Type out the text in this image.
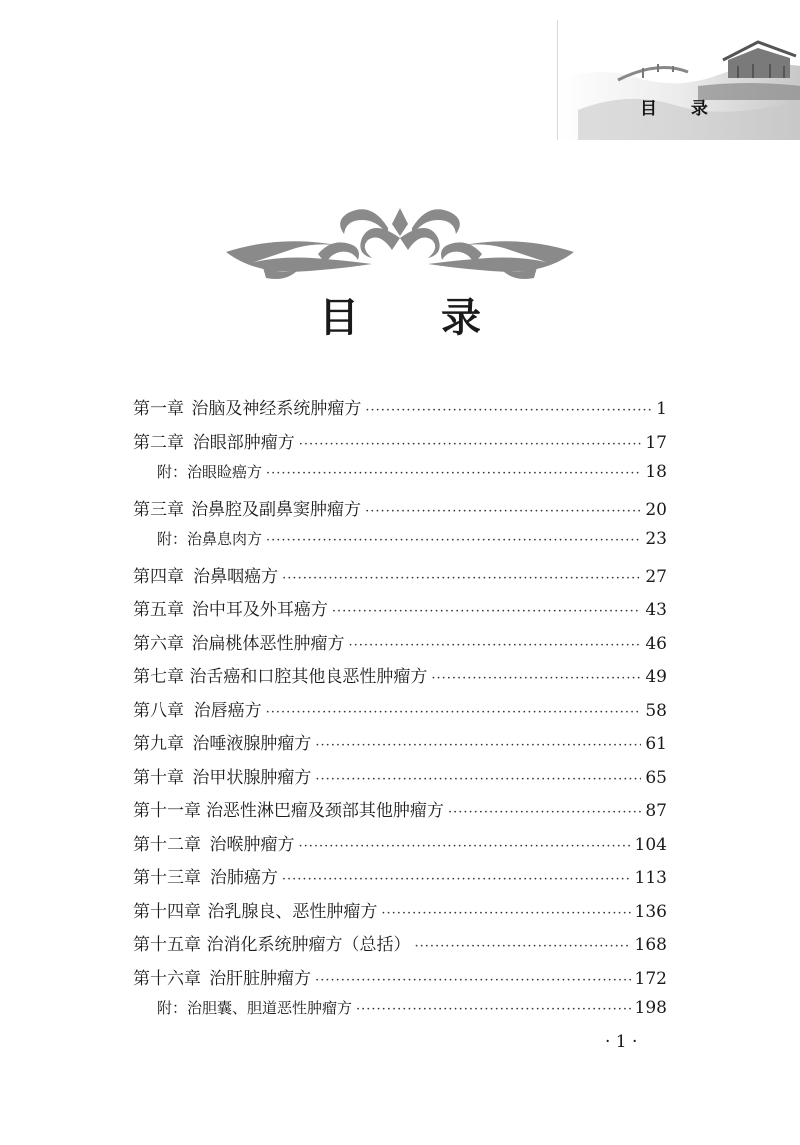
目 录
目 录
第一章 治脑及神经系统肿瘤方 ·····	1
第二章 治眼部肿瘤方 ·····	17
附：治眼睑癌方 ·····	18
第三章 治鼻腔及副鼻窦肿瘤方 ·····	20
附：治鼻息肉方 ·····	23
第四章 治鼻咽癌方 ·····	27
第五章 治中耳及外耳癌方 ·····	43
第六章 治扁桃体恶性肿瘤方 ·····	46
第七章 治舌癌和口腔其他良恶性肿瘤方 ·····	49
第八章 治唇癌方 ·····	58
第九章 治唾液腺肿瘤方 ·····	61
第十章 治甲状腺肿瘤方 ·····	65
第十一章 治恶性淋巴瘤及颈部其他肿瘤方 ·····	87
第十二章 治喉肿瘤方 ·····	104
第十三章 治肺癌方 ·····	113
第十四章 治乳腺良、恶性肿瘤方 ·····	136
第十五章 治消化系统肿瘤方（总括） ·····	168
第十六章 治肝脏肿瘤方 ·····	172
附：治胆囊、胆道恶性肿瘤方 ·····	198
· 1 ·
